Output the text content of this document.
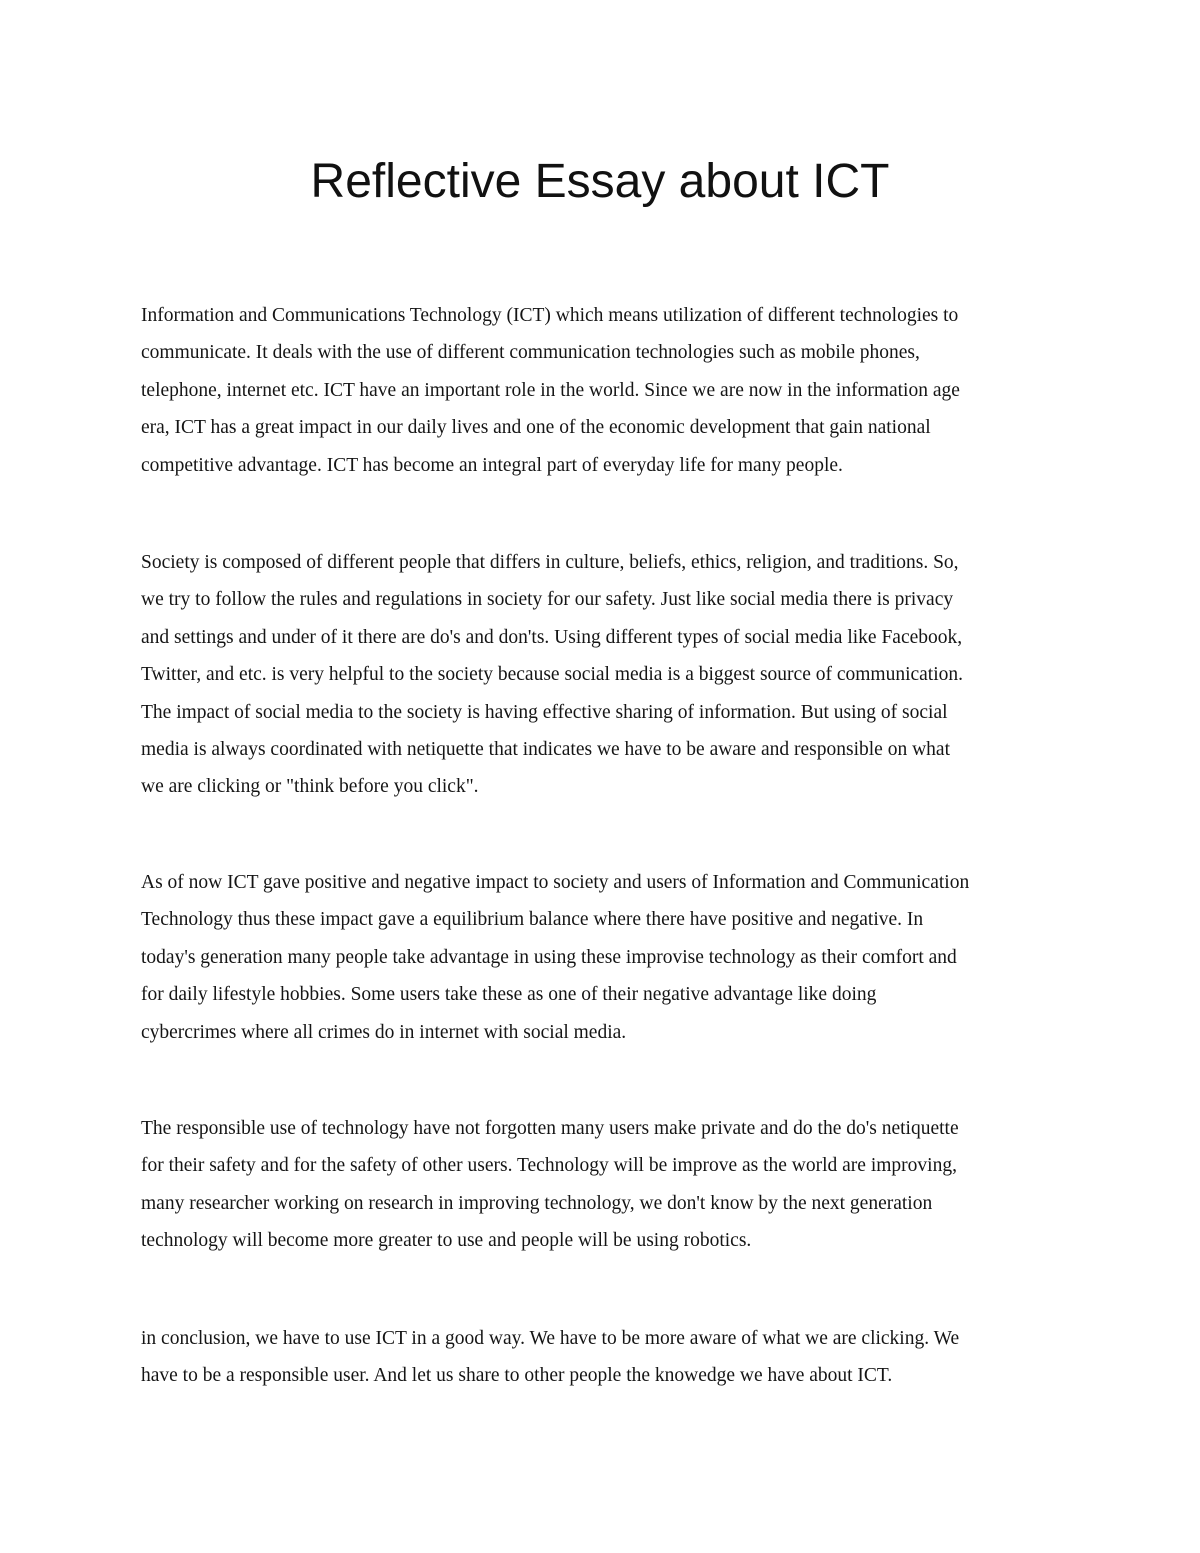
Reflective Essay about ICT
Information and Communications Technology (ICT) which means utilization of different technologies to
communicate. It deals with the use of different communication technologies such as mobile phones,
telephone, internet etc. ICT have an important role in the world. Since we are now in the information age
era, ICT has a great impact in our daily lives and one of the economic development that gain national
competitive advantage. ICT has become an integral part of everyday life for many people.
Society is composed of different people that differs in culture, beliefs, ethics, religion, and traditions. So,
we try to follow the rules and regulations in society for our safety. Just like social media there is privacy
and settings and under of it there are do's and don'ts. Using different types of social media like Facebook,
Twitter, and etc. is very helpful to the society because social media is a biggest source of communication.
The impact of social media to the society is having effective sharing of information. But using of social
media is always coordinated with netiquette that indicates we have to be aware and responsible on what
we are clicking or "think before you click".
As of now ICT gave positive and negative impact to society and users of Information and Communication
Technology thus these impact gave a equilibrium balance where there have positive and negative. In
today's generation many people take advantage in using these improvise technology as their comfort and
for daily lifestyle hobbies. Some users take these as one of their negative advantage like doing
cybercrimes where all crimes do in internet with social media.
The responsible use of technology have not forgotten many users make private and do the do's netiquette
for their safety and for the safety of other users. Technology will be improve as the world are improving,
many researcher working on research in improving technology, we don't know by the next generation
technology will become more greater to use and people will be using robotics.
in conclusion, we have to use ICT in a good way. We have to be more aware of what we are clicking. We
have to be a responsible user. And let us share to other people the knowedge we have about ICT.
